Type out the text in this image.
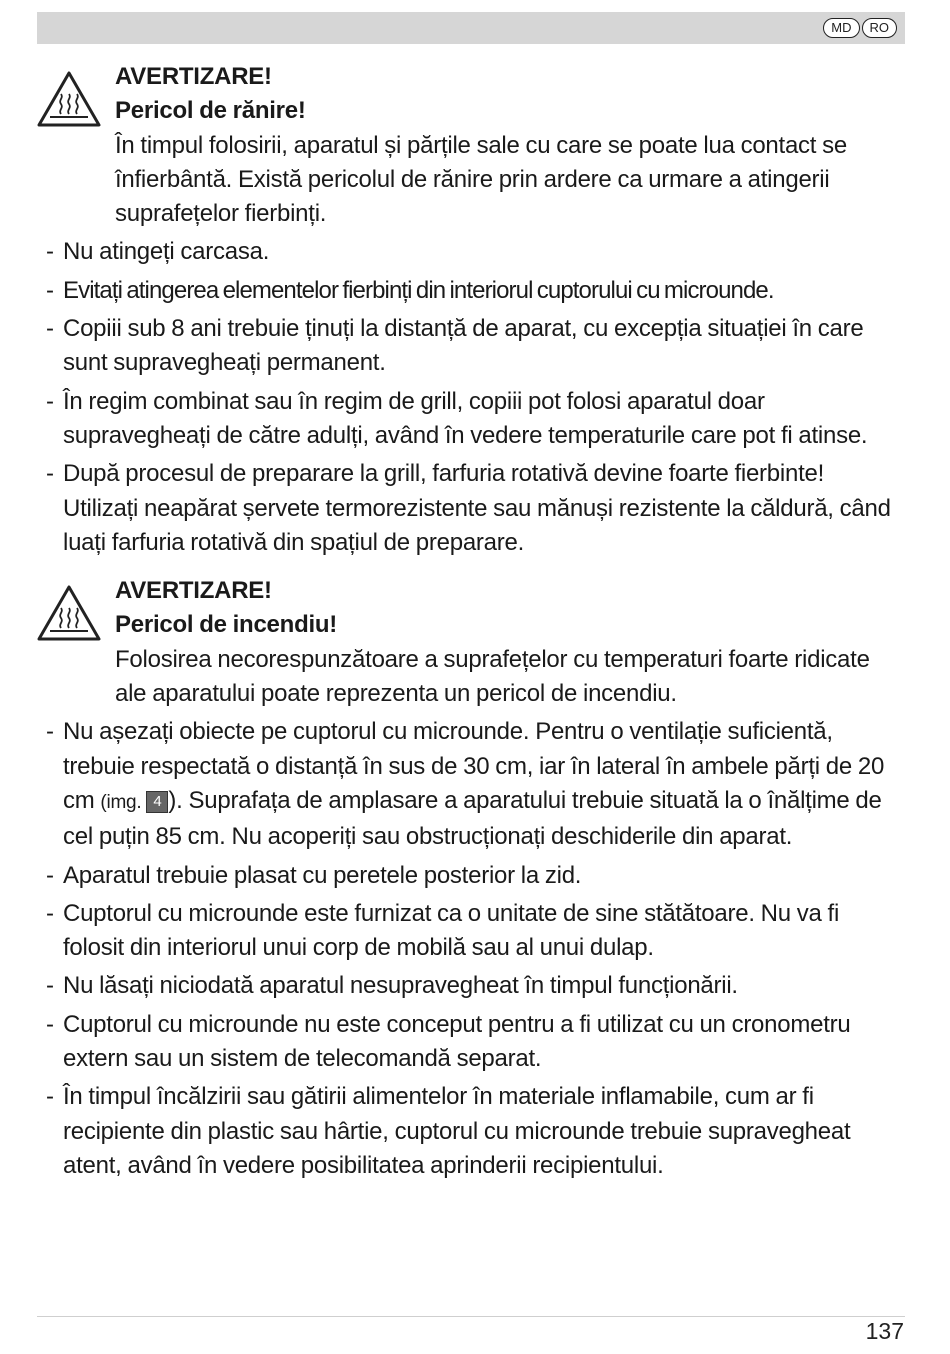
MD	RO
AVERTIZARE!
Pericol de rănire!
În timpul folosirii, aparatul și părțile sale cu care se poate lua contact se înfierbântă. Există pericolul de rănire prin ardere ca urmare a atingerii suprafețelor fierbinți.
- Nu atingeți carcasa.
- Evitați atingerea elementelor fierbinți din interiorul cuptorului cu microunde.
- Copiii sub 8 ani trebuie ținuți la distanță de aparat, cu excepția situației în care sunt supravegheați permanent.
- În regim combinat sau în regim de grill, copiii pot folosi aparatul doar supravegheați de către adulți, având în vedere temperaturile care pot fi atinse.
- După procesul de preparare la grill, farfuria rotativă devine foarte fierbinte! Utilizați neapărat șervete termorezistente sau mănuși rezistente la căldură, când luați farfuria rotativă din spațiul de preparare.
AVERTIZARE!
Pericol de incendiu!
Folosirea necorespunzătoare a suprafețelor cu temperaturi foarte ridicate ale aparatului poate reprezenta un pericol de incendiu.
- Nu așezați obiecte pe cuptorul cu microunde. Pentru o ventilație suficientă, trebuie respectată o distanță în sus de 30 cm, iar în lateral în ambele părți de 20 cm (img. 4 ). Suprafața de amplasare a aparatului trebuie situată la o înălțime de cel puțin 85 cm. Nu acoperiți sau obstrucționați deschiderile din aparat.
- Aparatul trebuie plasat cu peretele posterior la zid.
- Cuptorul cu microunde este furnizat ca o unitate de sine stătătoare. Nu va fi folosit din interiorul unui corp de mobilă sau al unui dulap.
- Nu lăsați niciodată aparatul nesupravegheat în timpul funcționării.
- Cuptorul cu microunde nu este conceput pentru a fi utilizat cu un cronometru extern sau un sistem de telecomandă separat.
- În timpul încălzirii sau gătirii alimentelor în materiale inflamabile, cum ar fi recipiente din plastic sau hârtie, cuptorul cu microunde trebuie supravegheat atent, având în vedere posibilitatea aprinderii recipientului.
137
